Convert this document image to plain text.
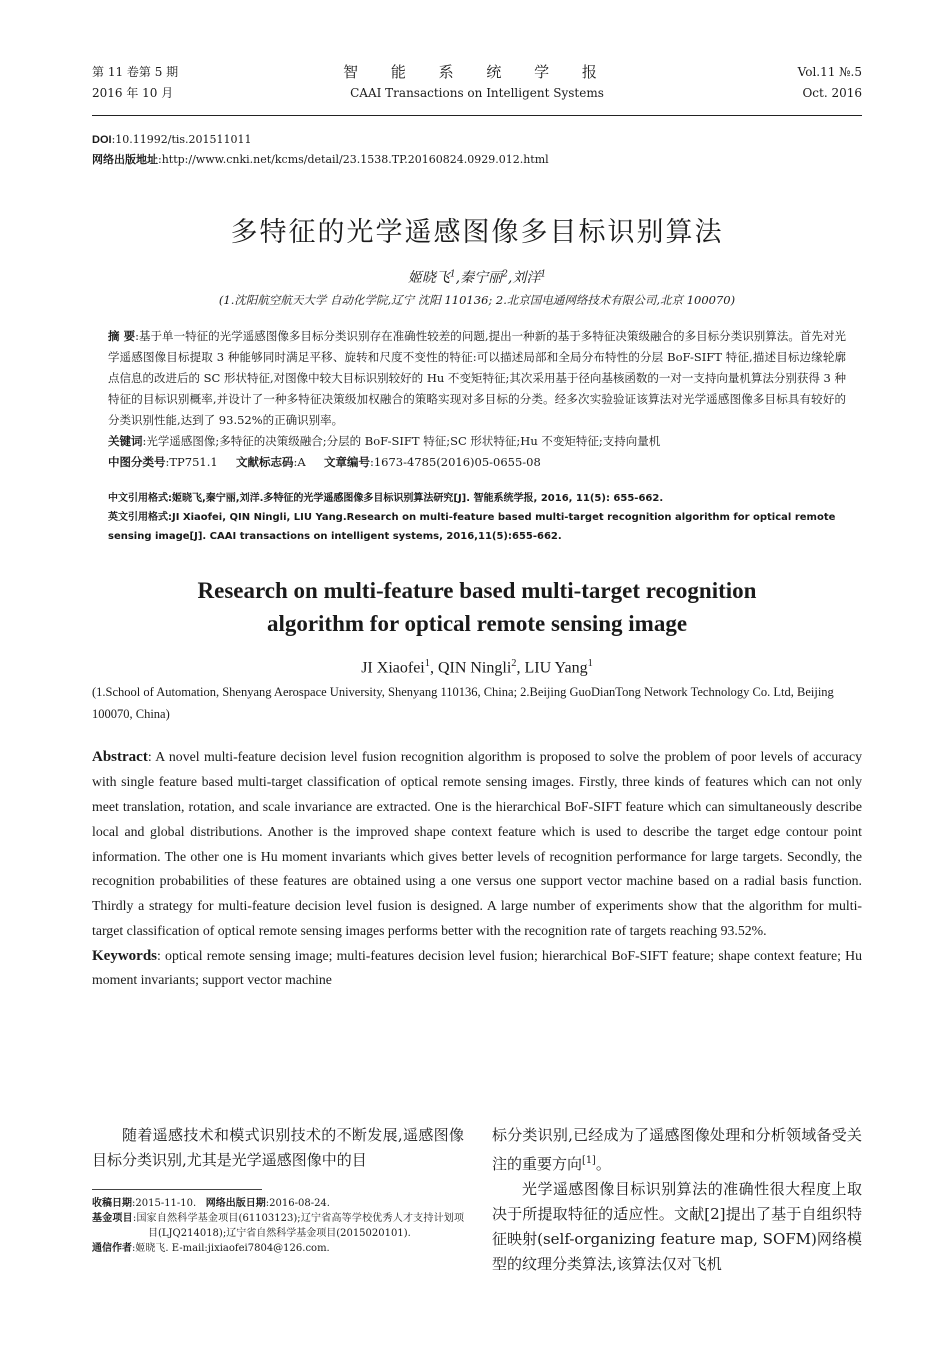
第 11 卷第 5 期
2016 年 10 月
智 能 系 统 学 报
CAAI Transactions on Intelligent Systems
Vol.11 №.5
Oct. 2016
DOI:10.11992/tis.201511011
网络出版地址:http://www.cnki.net/kcms/detail/23.1538.TP.20160824.0929.012.html
多特征的光学遥感图像多目标识别算法
姬晓飞$^1$,秦宁丽$^2$,刘洋$^1$
(1.沈阳航空航天大学 自动化学院,辽宁 沈阳 110136; 2.北京国电通网络技术有限公司,北京 100070)
摘 要:基于单一特征的光学遥感图像多目标分类识别存在准确性较差的问题,提出一种新的基于多特征决策级融合的多目标分类识别算法。首先对光学遥感图像目标提取 3 种能够同时满足平移、旋转和尺度不变性的特征:可以描述局部和全局分布特性的分层 BoF-SIFT 特征,描述目标边缘轮廓点信息的改进后的 SC 形状特征,对图像中较大目标识别较好的 Hu 不变矩特征;其次采用基于径向基核函数的一对一支持向量机算法分别获得 3 种特征的目标识别概率,并设计了一种多特征决策级加权融合的策略实现对多目标的分类。经多次实验验证该算法对光学遥感图像多目标具有较好的分类识别性能,达到了 93.52%的正确识别率。
关键词:光学遥感图像;多特征的决策级融合;分层的 BoF-SIFT 特征;SC 形状特征;Hu 不变矩特征;支持向量机
中图分类号:TP751.1 文献标志码:A 文章编号:1673-4785(2016)05-0655-08
中文引用格式:姬晓飞,秦宁丽,刘洋.多特征的光学遥感图像多目标识别算法研究[J]. 智能系统学报, 2016, 11(5): 655-662.
英文引用格式:JI Xiaofei, QIN Ningli, LIU Yang.Research on multi-feature based multi-target recognition algorithm for optical remote sensing image[J]. CAAI transactions on intelligent systems, 2016,11(5):655-662.
Research on multi-feature based multi-target recognition
algorithm for optical remote sensing image
JI Xiaofei$^1$, QIN Ningli$^2$, LIU Yang$^1$
(1.School of Automation, Shenyang Aerospace University, Shenyang 110136, China; 2.Beijing GuoDianTong Network Technology Co. Ltd, Beijing 100070, China)
Abstract: A novel multi-feature decision level fusion recognition algorithm is proposed to solve the problem of poor levels of accuracy with single feature based multi-target classification of optical remote sensing images. Firstly, three kinds of features which can not only meet translation, rotation, and scale invariance are extracted. One is the hierarchical BoF-SIFT feature which can simultaneously describe local and global distributions. Another is the improved shape context feature which is used to describe the target edge contour point information. The other one is Hu moment invariants which gives better levels of recognition performance for large targets. Secondly, the recognition probabilities of these features are obtained using a one versus one support vector machine based on a radial basis function. Thirdly a strategy for multi-feature decision level fusion is designed. A large number of experiments show that the algorithm for multi-target classification of optical remote sensing images performs better with the recognition rate of targets reaching 93.52%.
Keywords: optical remote sensing image; multi-features decision level fusion; hierarchical BoF-SIFT feature; shape context feature; Hu moment invariants; support vector machine
随着遥感技术和模式识别技术的不断发展,遥感图像目标分类识别,尤其是光学遥感图像中的目
收稿日期:2015-11-10. 网络出版日期:2016-08-24.
基金项目:国家自然科学基金项目(61103123);辽宁省高等学校优秀人才支持计划项目(LJQ214018);辽宁省自然科学基金项目(2015020101).
通信作者:姬晓飞. E-mail:jixiaofei7804@126.com.
标分类识别,已经成为了遥感图像处理和分析领域备受关注的重要方向[1]。
光学遥感图像目标识别算法的准确性很大程度上取决于所提取特征的适应性。文献[2]提出了基于自组织特征映射(self-organizing feature map, SOFM)网络模型的纹理分类算法,该算法仅对飞机
